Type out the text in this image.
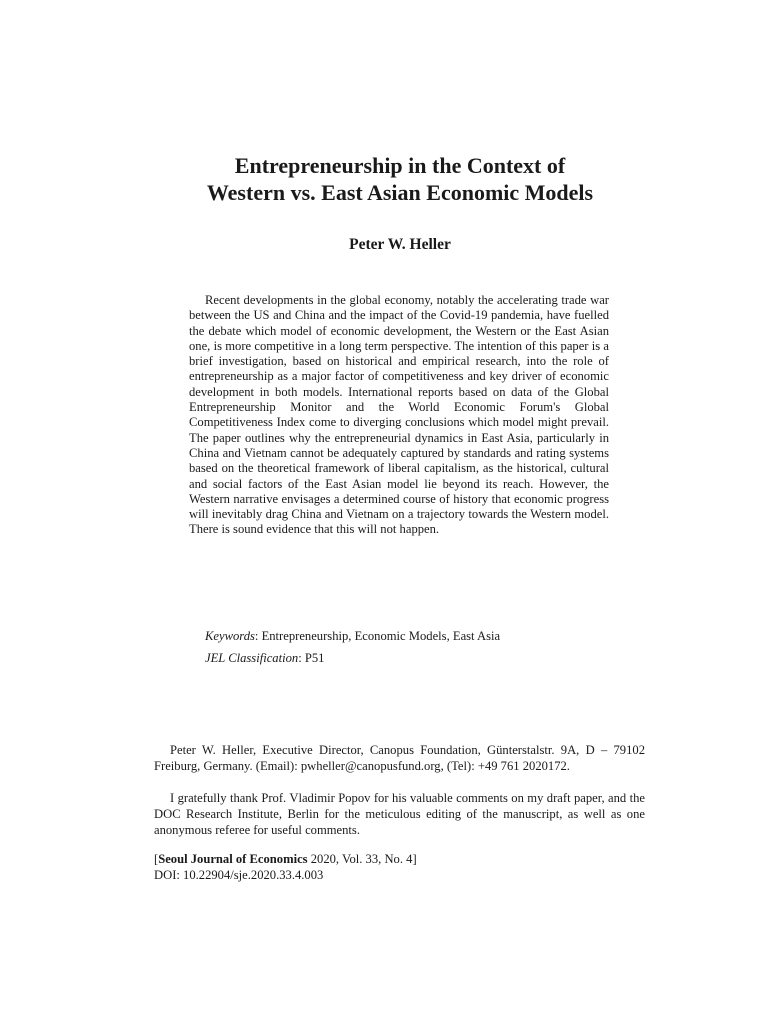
Entrepreneurship in the Context of
Western vs. East Asian Economic Models
Peter W. Heller

Recent developments in the global economy, notably the accelerating trade war between the US and China and the impact of the Covid-19 pandemia, have fuelled the debate which model of economic development, the Western or the East Asian one, is more competitive in a long term perspective. The intention of this paper is a brief investigation, based on historical and empirical research, into the role of entrepreneurship as a major factor of competitiveness and key driver of economic development in both models. International reports based on data of the Global Entrepreneurship Monitor and the World Economic Forum's Global Competitiveness Index come to diverging conclusions which model might prevail. The paper outlines why the entrepreneurial dynamics in East Asia, particularly in China and Vietnam cannot be adequately captured by standards and rating systems based on the theoretical framework of liberal capitalism, as the historical, cultural and social factors of the East Asian model lie beyond its reach. However, the Western narrative envisages a determined course of history that economic progress will inevitably drag China and Vietnam on a trajectory towards the Western model. There is sound evidence that this will not happen.

Keywords: Entrepreneurship, Economic Models, East Asia
JEL Classification: P51

Peter W. Heller, Executive Director, Canopus Foundation, Günterstalstr. 9A, D – 79102 Freiburg, Germany. (Email): pwheller@canopusfund.org, (Tel): +49 761 2020172.

I gratefully thank Prof. Vladimir Popov for his valuable comments on my draft paper, and the DOC Research Institute, Berlin for the meticulous editing of the manuscript, as well as one anonymous referee for useful comments.

[Seoul Journal of Economics 2020, Vol. 33, No. 4]
DOI: 10.22904/sje.2020.33.4.003
